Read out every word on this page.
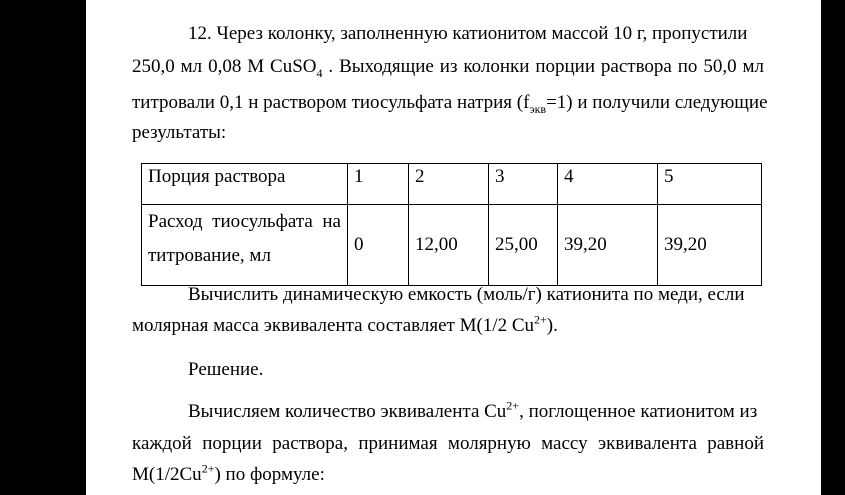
12. Через колонку, заполненную катионитом массой 10 г, пропустили
250,0 мл 0,08 М CuSO$_4$ . Выходящие из колонки порции раствора по 50,0 мл
титровали 0,1 н раствором тиосульфата натрия $(f_{экв}=1)$ и получили следующие
результаты:
Порция раствора	1	2	3	4	5

Расход тиосульфата на титрование, мл	0	12,00	25,00	39,20	39,20
Вычислить динамическую емкость (моль/г) катионита по меди, если
молярная масса эквивалента составляет М(1/2 $Cu^{2+}$).
Решение.
Вычисляем количество эквивалента $Cu^{2+}$, поглощенное катионитом из
каждой порции раствора, принимая молярную массу эквивалента равной
$М(1/2Cu^{2+})$ по формуле:
